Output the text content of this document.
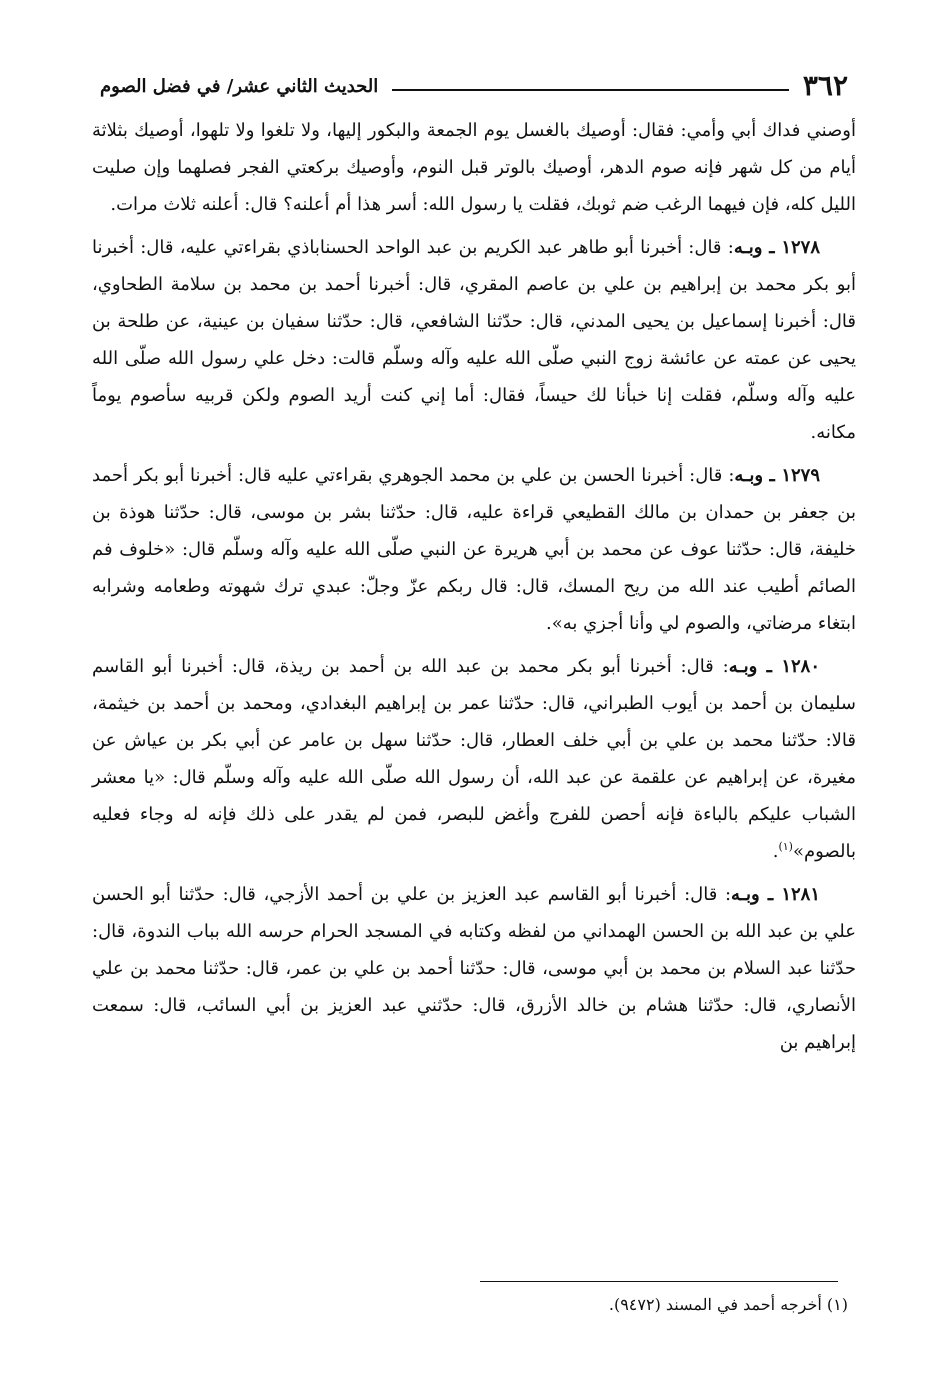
٣٦٢
الحديث الثاني عشر/ في فضل الصوم

أوصني فداك أبي وأمي: فقال: أوصيك بالغسل يوم الجمعة والبكور إليها، ولا تلغوا ولا تلهوا، أوصيك بثلاثة أيام من كل شهر فإنه صوم الدهر، أوصيك بالوتر قبل النوم، وأوصيك بركعتي الفجر فصلهما وإن صليت الليل كله، فإن فيهما الرغب ضم ثوبك، فقلت يا رسول الله: أسر هذا أم أعلنه؟ قال: أعلنه ثلاث مرات.

١٢٧٨ ـ وبـه: قال: أخبرنا أبو طاهر عبد الكريم بن عبد الواحد الحسناباذي بقراءتي عليه، قال: أخبرنا أبو بكر محمد بن إبراهيم بن علي بن عاصم المقري، قال: أخبرنا أحمد بن محمد بن سلامة الطحاوي، قال: أخبرنا إسماعيل بن يحيى المدني، قال: حدّثنا الشافعي، قال: حدّثنا سفيان بن عينية، عن طلحة بن يحيى عن عمته عن عائشة زوج النبي صلّى الله عليه وآله وسلّم قالت: دخل علي رسول الله صلّى الله عليه وآله وسلّم، فقلت إنا خبأنا لك حيساً، فقال: أما إني كنت أريد الصوم ولكن قربيه سأصوم يوماً مكانه.

١٢٧٩ ـ وبـه: قال: أخبرنا الحسن بن علي بن محمد الجوهري بقراءتي عليه قال: أخبرنا أبو بكر أحمد بن جعفر بن حمدان بن مالك القطيعي قراءة عليه، قال: حدّثنا بشر بن موسى، قال: حدّثنا هوذة بن خليفة، قال: حدّثنا عوف عن محمد بن أبي هريرة عن النبي صلّى الله عليه وآله وسلّم قال: «خلوف فم الصائم أطيب عند الله من ريح المسك، قال: قال ربكم عزّ وجلّ: عبدي ترك شهوته وطعامه وشرابه ابتغاء مرضاتي، والصوم لي وأنا أجزي به».

١٢٨٠ ـ وبـه: قال: أخبرنا أبو بكر محمد بن عبد الله بن أحمد بن ريذة، قال: أخبرنا أبو القاسم سليمان بن أحمد بن أيوب الطبراني، قال: حدّثنا عمر بن إبراهيم البغدادي، ومحمد بن أحمد بن خيثمة، قالا: حدّثنا محمد بن علي بن أبي خلف العطار، قال: حدّثنا سهل بن عامر عن أبي بكر بن عياش عن مغيرة، عن إبراهيم عن علقمة عن عبد الله، أن رسول الله صلّى الله عليه وآله وسلّم قال: «يا معشر الشباب عليكم بالباءة فإنه أحصن للفرج وأغض للبصر، فمن لم يقدر على ذلك فإنه له وجاء فعليه بالصوم»$^{(١)}$.

١٢٨١ ـ وبـه: قال: أخبرنا أبو القاسم عبد العزيز بن علي بن أحمد الأزجي، قال: حدّثنا أبو الحسن علي بن عبد الله بن الحسن الهمداني من لفظه وكتابه في المسجد الحرام حرسه الله بباب الندوة، قال: حدّثنا عبد السلام بن محمد بن أبي موسى، قال: حدّثنا أحمد بن علي بن عمر، قال: حدّثنا محمد بن علي الأنصاري، قال: حدّثنا هشام بن خالد الأزرق، قال: حدّثني عبد العزيز بن أبي السائب، قال: سمعت إبراهيم بن

(١) أخرجه أحمد في المسند (٩٤٧٢).
